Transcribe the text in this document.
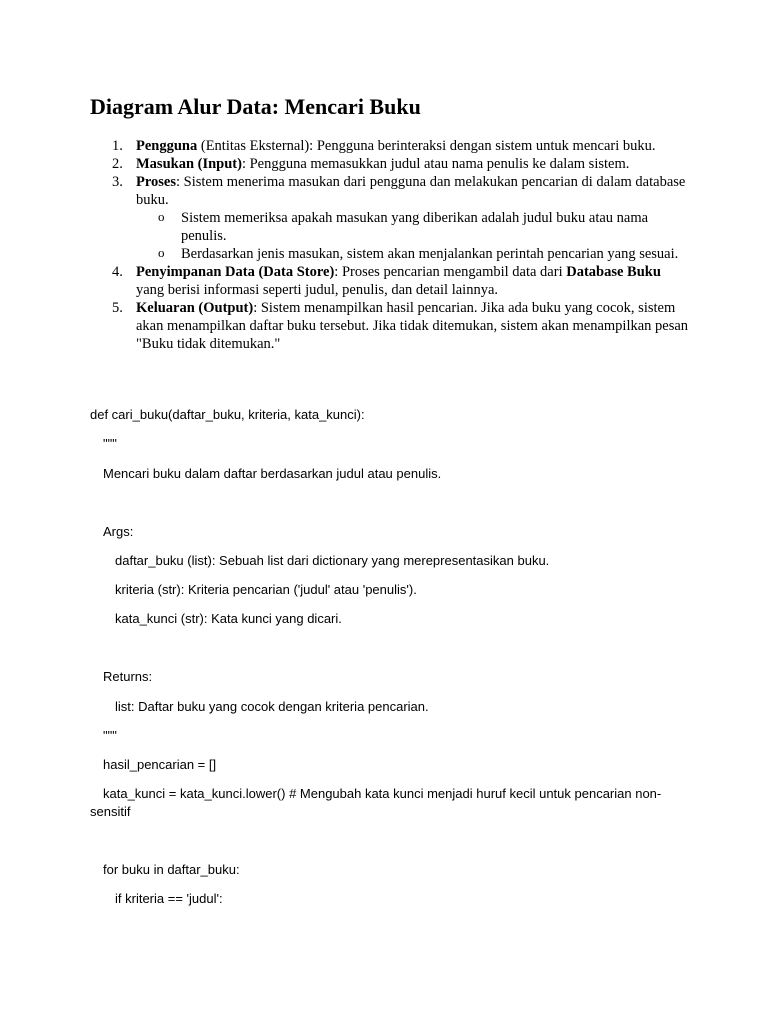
Diagram Alur Data: Mencari Buku
1. Pengguna (Entitas Eksternal): Pengguna berinteraksi dengan sistem untuk mencari buku.
2. Masukan (Input): Pengguna memasukkan judul atau nama penulis ke dalam sistem.
3. Proses: Sistem menerima masukan dari pengguna dan melakukan pencarian di dalam database buku.
o Sistem memeriksa apakah masukan yang diberikan adalah judul buku atau nama penulis.
o Berdasarkan jenis masukan, sistem akan menjalankan perintah pencarian yang sesuai.
4. Penyimpanan Data (Data Store): Proses pencarian mengambil data dari Database Buku yang berisi informasi seperti judul, penulis, dan detail lainnya.
5. Keluaran (Output): Sistem menampilkan hasil pencarian. Jika ada buku yang cocok, sistem akan menampilkan daftar buku tersebut. Jika tidak ditemukan, sistem akan menampilkan pesan "Buku tidak ditemukan."

def cari_buku(daftar_buku, kriteria, kata_kunci):

"""

Mencari buku dalam daftar berdasarkan judul atau penulis.

Args:

daftar_buku (list): Sebuah list dari dictionary yang merepresentasikan buku.

kriteria (str): Kriteria pencarian ('judul' atau 'penulis').

kata_kunci (str): Kata kunci yang dicari.

Returns:

list: Daftar buku yang cocok dengan kriteria pencarian.

"""

hasil_pencarian = []

kata_kunci = kata_kunci.lower() # Mengubah kata kunci menjadi huruf kecil untuk pencarian non-sensitif

for buku in daftar_buku:

if kriteria == 'judul':
